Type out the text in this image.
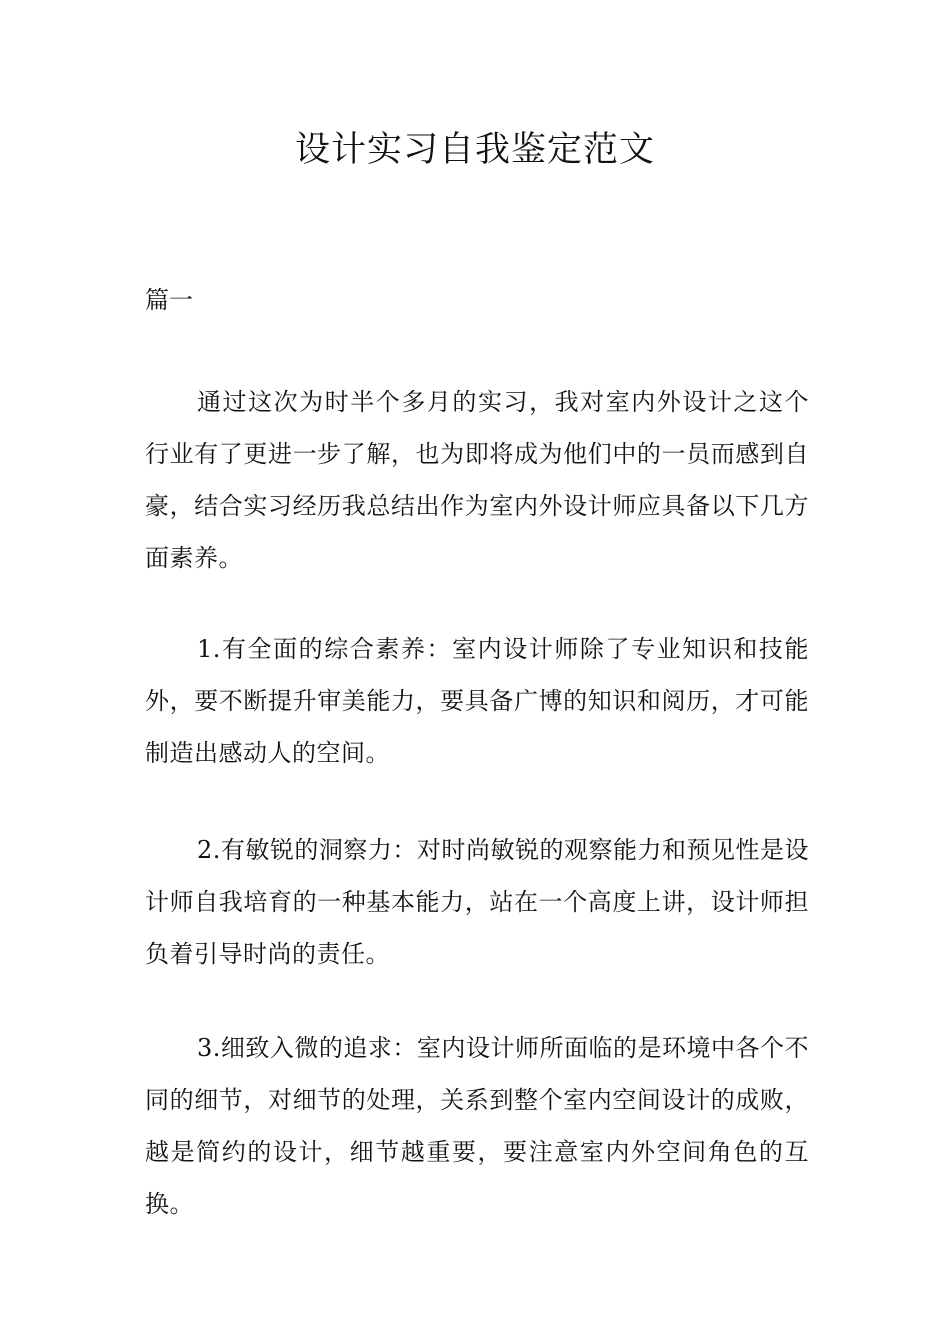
设计实习自我鉴定范文

篇一

通过这次为时半个多月的实习，我对室内外设计之这个行业有了更进一步了解，也为即将成为他们中的一员而感到自豪，结合实习经历我总结出作为室内外设计师应具备以下几方面素养。

1.有全面的综合素养：室内设计师除了专业知识和技能外，要不断提升审美能力，要具备广博的知识和阅历，才可能制造出感动人的空间。

2.有敏锐的洞察力：对时尚敏锐的观察能力和预见性是设计师自我培育的一种基本能力，站在一个高度上讲，设计师担负着引导时尚的责任。

3.细致入微的追求：室内设计师所面临的是环境中各个不同的细节，对细节的处理，关系到整个室内空间设计的成败，越是简约的设计，细节越重要，要注意室内外空间角色的互换。
